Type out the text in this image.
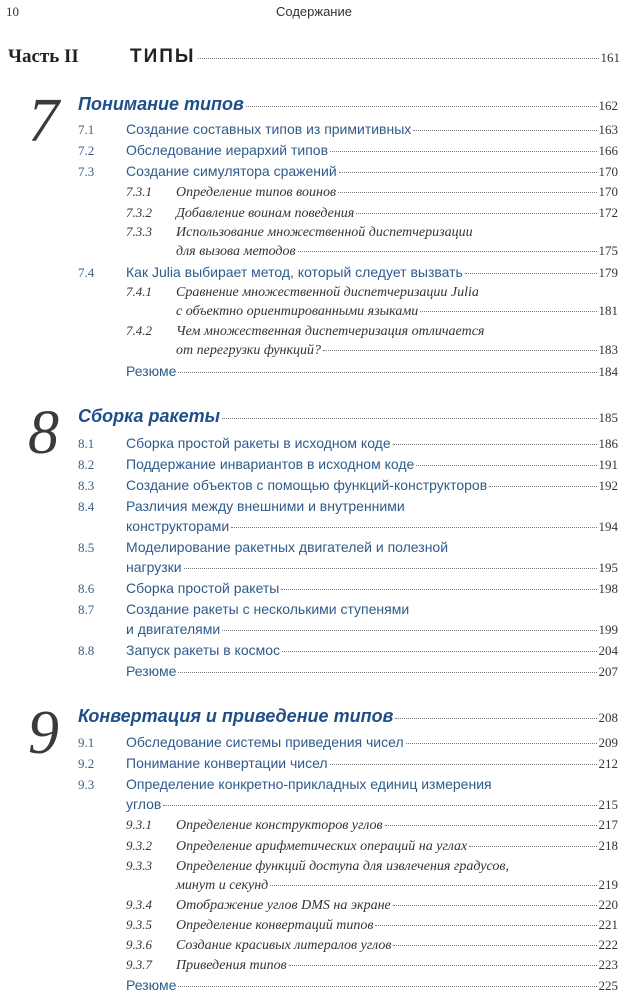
10	Содержание
Часть II	ТИПЫ	161
7 Понимание типов	162
7.1	Создание составных типов из примитивных	163
7.2	Обследование иерархий типов	166
7.3	Создание симулятора сражений	170
7.3.1	Определение типов воинов	170
7.3.2	Добавление воинам поведения	172
7.3.3	Использование множественной диспетчеризации
для вызова методов	175
7.4	Как Julia выбирает метод, который следует вызвать	179
7.4.1	Сравнение множественной диспетчеризации Julia
с объектно ориентированными языками	181
7.4.2	Чем множественная диспетчеризация отличается
от перегрузки функций?	183
Резюме	184
8 Сборка ракеты	185
8.1	Сборка простой ракеты в исходном коде	186
8.2	Поддержание инвариантов в исходном коде	191
8.3	Создание объектов с помощью функций-конструкторов	192
8.4	Различия между внешними и внутренними
конструкторами	194
8.5	Моделирование ракетных двигателей и полезной
нагрузки	195
8.6	Сборка простой ракеты	198
8.7	Создание ракеты с несколькими ступенями
и двигателями	199
8.8	Запуск ракеты в космос	204
Резюме	207
9 Конвертация и приведение типов	208
9.1	Обследование системы приведения чисел	209
9.2	Понимание конвертации чисел	212
9.3	Определение конкретно-прикладных единиц измерения
углов	215
9.3.1	Определение конструкторов углов	217
9.3.2	Определение арифметических операций на углах	218
9.3.3	Определение функций доступа для извлечения градусов,
минут и секунд	219
9.3.4	Отображение углов DMS на экране	220
9.3.5	Определение конвертаций типов	221
9.3.6	Создание красивых литералов углов	222
9.3.7	Приведения типов	223
Резюме	225
